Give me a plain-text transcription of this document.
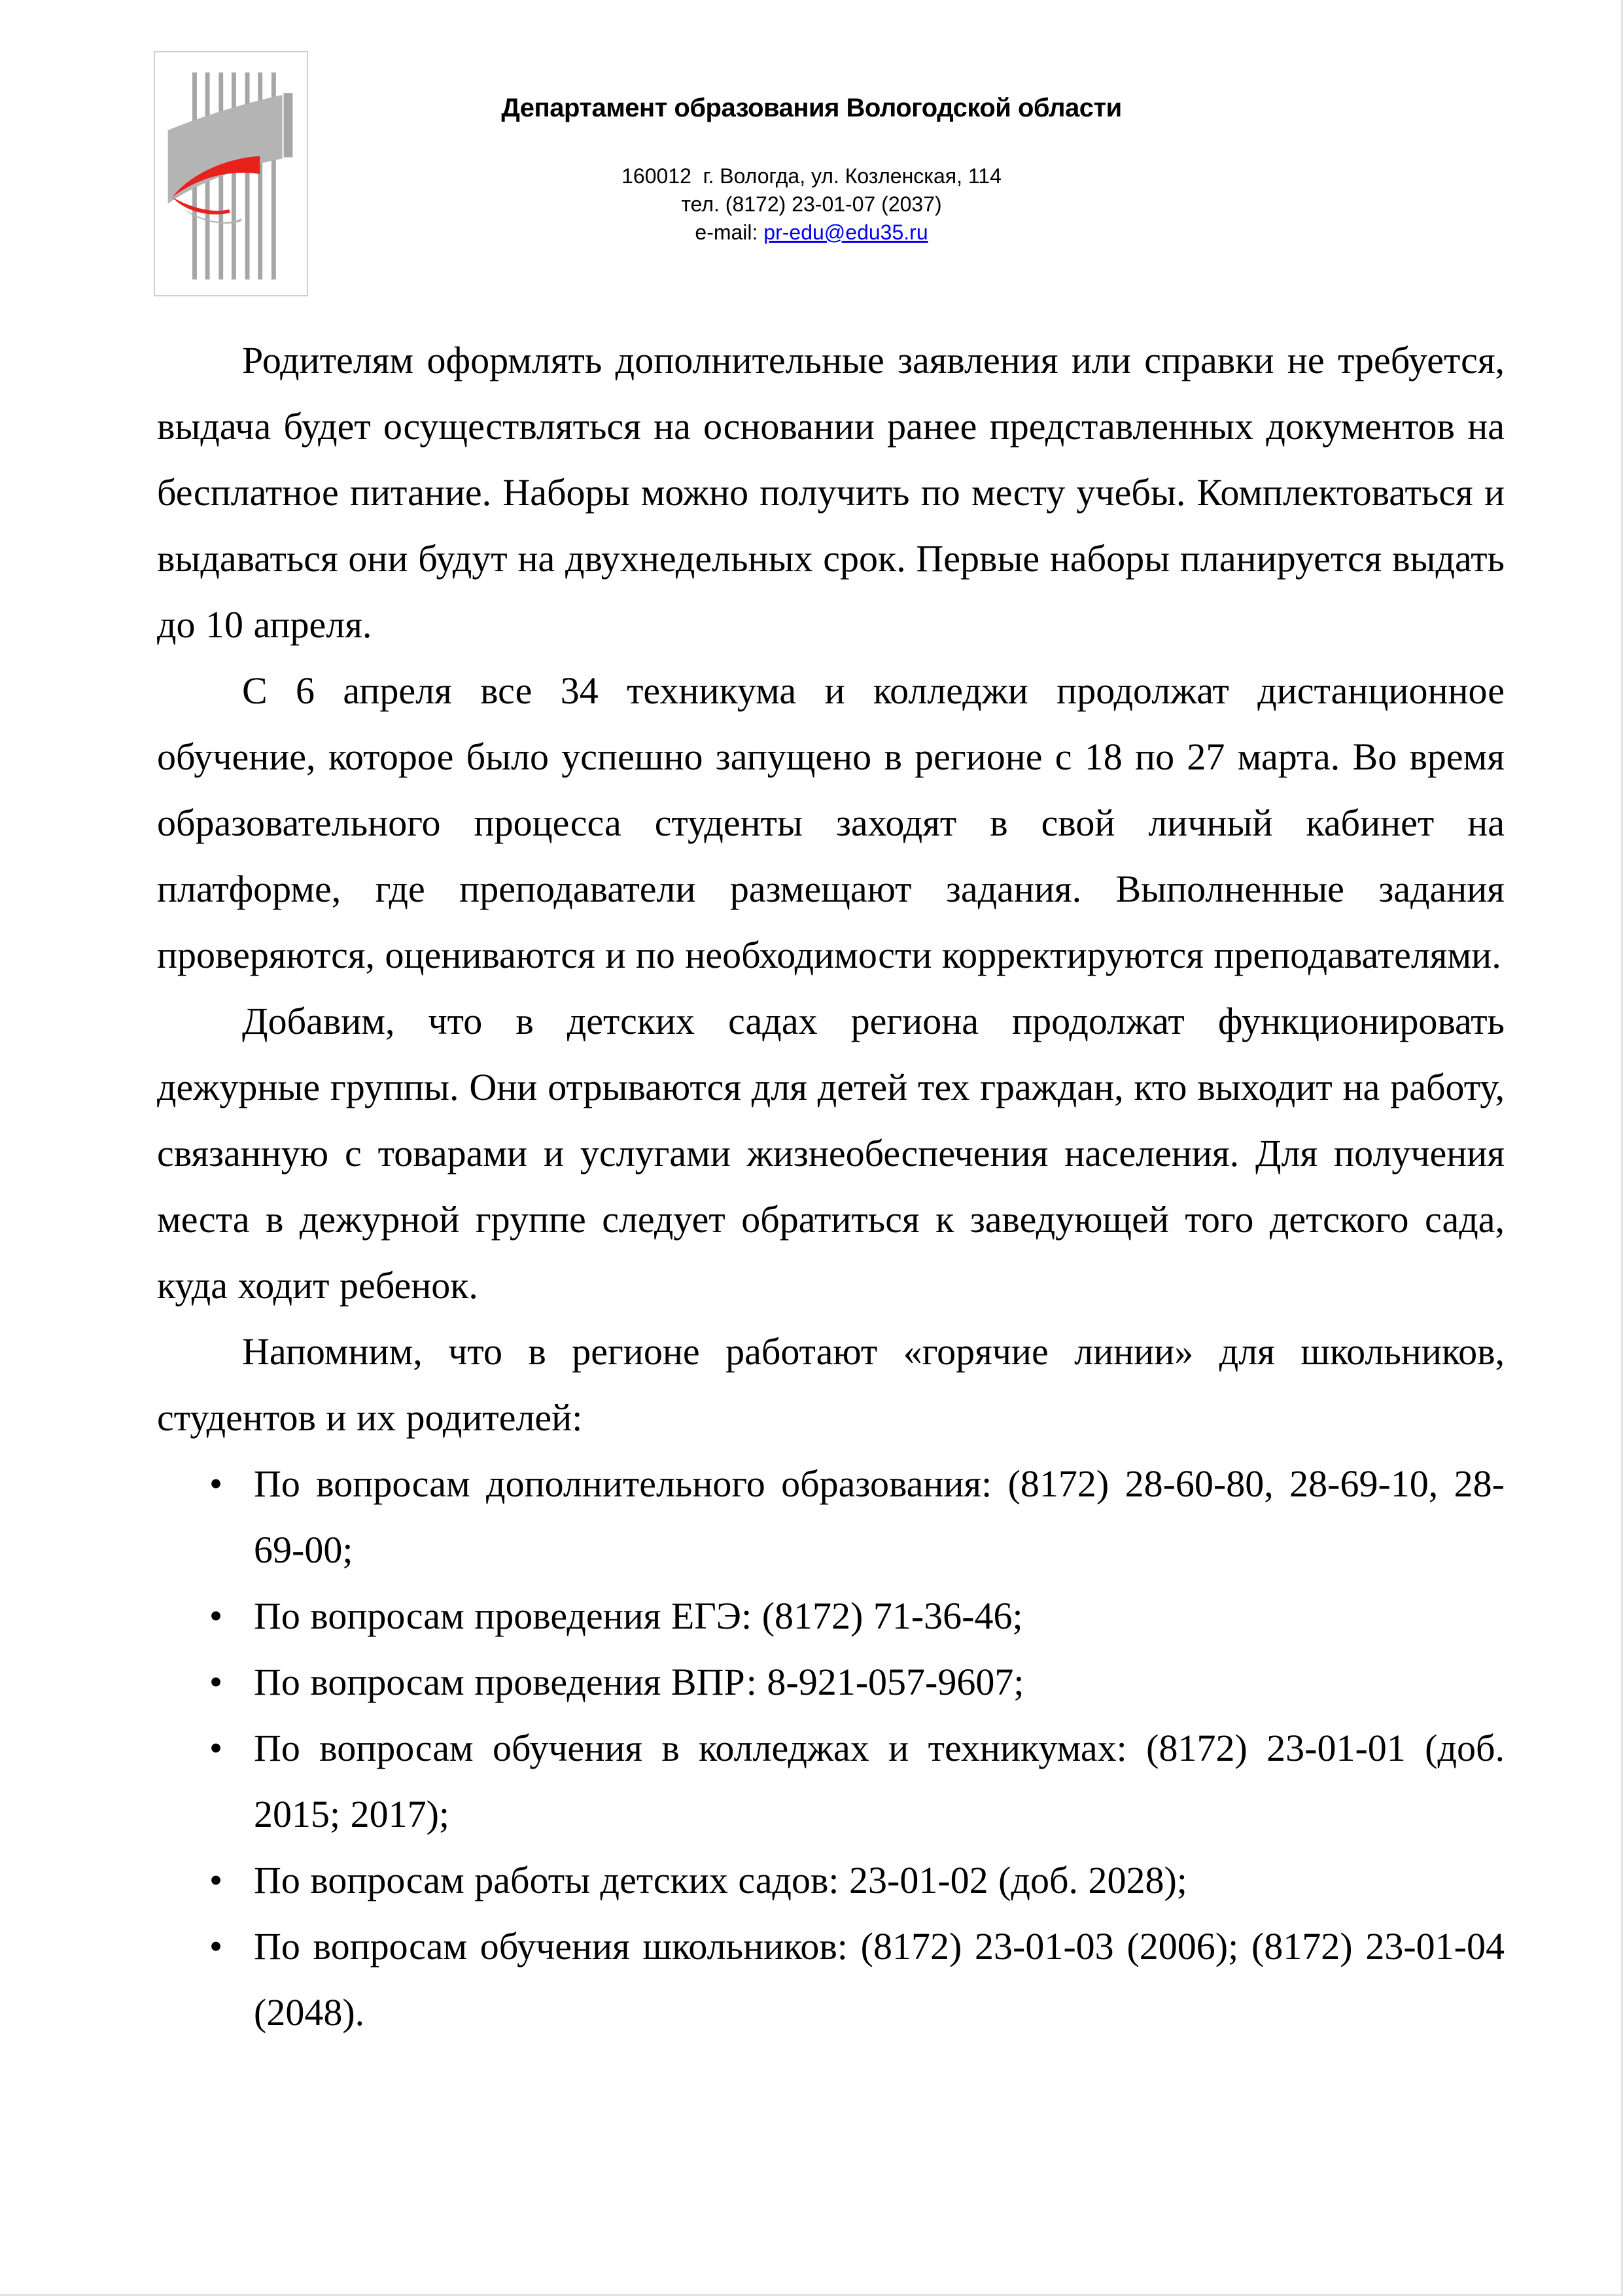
Департамент образования Вологодской области
160012  г. Вологда, ул. Козленская, 114
тел. (8172) 23-01-07 (2037)
e-mail: pr-edu@edu35.ru

Родителям оформлять дополнительные заявления или справки не требуется, выдача будет осуществляться на основании ранее представленных документов на бесплатное питание. Наборы можно получить по месту учебы. Комплектоваться и выдаваться они будут на двухнедельных срок. Первые наборы планируется выдать до 10 апреля.

С 6 апреля все 34 техникума и колледжи продолжат дистанционное обучение, которое было успешно запущено в регионе с 18 по 27 марта. Во время образовательного процесса студенты заходят в свой личный кабинет на платформе, где преподаватели размещают задания. Выполненные задания проверяются, оцениваются и по необходимости корректируются преподавателями.

Добавим, что в детских садах региона продолжат функционировать дежурные группы. Они отрываются для детей тех граждан, кто выходит на работу, связанную с товарами и услугами жизнеобеспечения населения. Для получения места в дежурной группе следует обратиться к заведующей того детского сада, куда ходит ребенок.

Напомним, что в регионе работают «горячие линии» для школьников, студентов и их родителей:

• По вопросам дополнительного образования: (8172) 28-60-80, 28-69-10, 28-69-00;
• По вопросам проведения ЕГЭ: (8172) 71-36-46;
• По вопросам проведения ВПР: 8-921-057-9607;
• По вопросам обучения в колледжах и техникумах: (8172) 23-01-01 (доб. 2015; 2017);
• По вопросам работы детских садов: 23-01-02 (доб. 2028);
• По вопросам обучения школьников: (8172) 23-01-03 (2006); (8172) 23-01-04 (2048).
